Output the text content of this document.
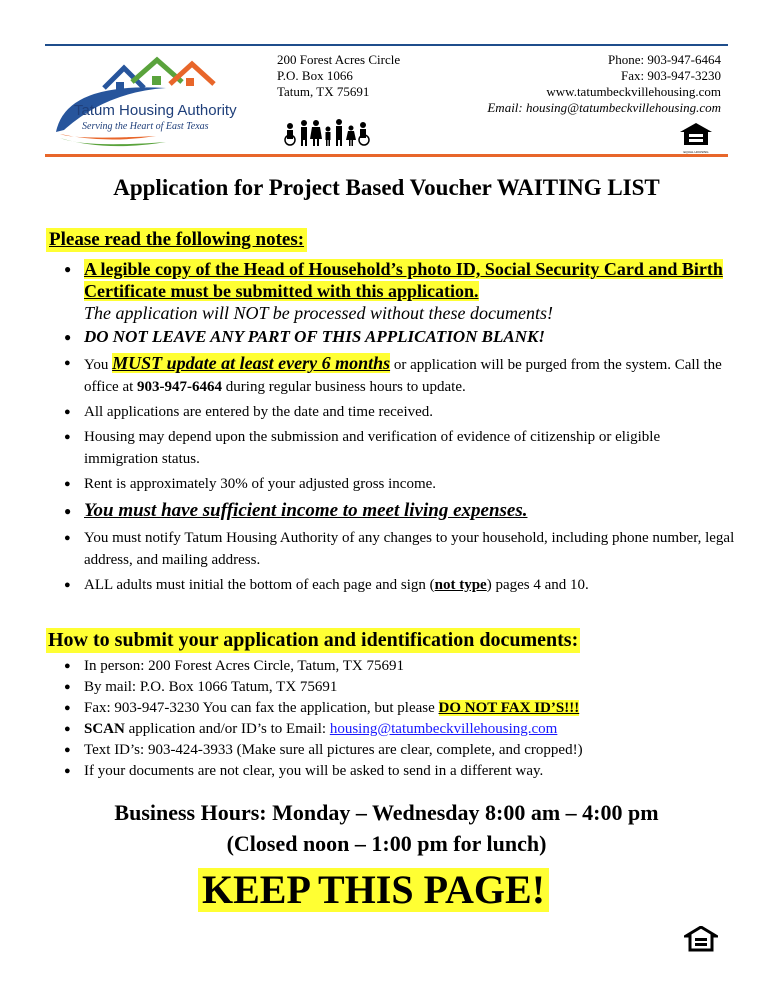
Tatum Housing Authority
Serving the Heart of East Texas
200 Forest Acres Circle
P.O. Box 1066
Tatum, TX 75691
Phone: 903-947-6464
Fax: 903-947-3230
www.tatumbeckvillehousing.com
Email: housing@tatumbeckvillehousing.com
EQUAL HOUSING
Application for Project Based Voucher WAITING LIST
Please read the following notes:
● A legible copy of the Head of Household’s photo ID, Social Security Card and Birth Certificate must be submitted with this application.
The application will NOT be processed without these documents!
● DO NOT LEAVE ANY PART OF THIS APPLICATION BLANK!
● You MUST update at least every 6 months or application will be purged from the system. Call the office at 903-947-6464 during regular business hours to update.
● All applications are entered by the date and time received.
● Housing may depend upon the submission and verification of evidence of citizenship or eligible immigration status.
● Rent is approximately 30% of your adjusted gross income.
● You must have sufficient income to meet living expenses.
● You must notify Tatum Housing Authority of any changes to your household, including phone number, legal address, and mailing address.
● ALL adults must initial the bottom of each page and sign (not type) pages 4 and 10.
How to submit your application and identification documents:
● In person: 200 Forest Acres Circle, Tatum, TX 75691
● By mail: P.O. Box 1066 Tatum, TX 75691
● Fax: 903-947-3230 You can fax the application, but please DO NOT FAX ID’S!!!
● SCAN application and/or ID’s to Email: housing@tatumbeckvillehousing.com
● Text ID’s: 903-424-3933 (Make sure all pictures are clear, complete, and cropped!)
● If your documents are not clear, you will be asked to send in a different way.
Business Hours: Monday – Wednesday 8:00 am – 4:00 pm
(Closed noon – 1:00 pm for lunch)
KEEP THIS PAGE!
